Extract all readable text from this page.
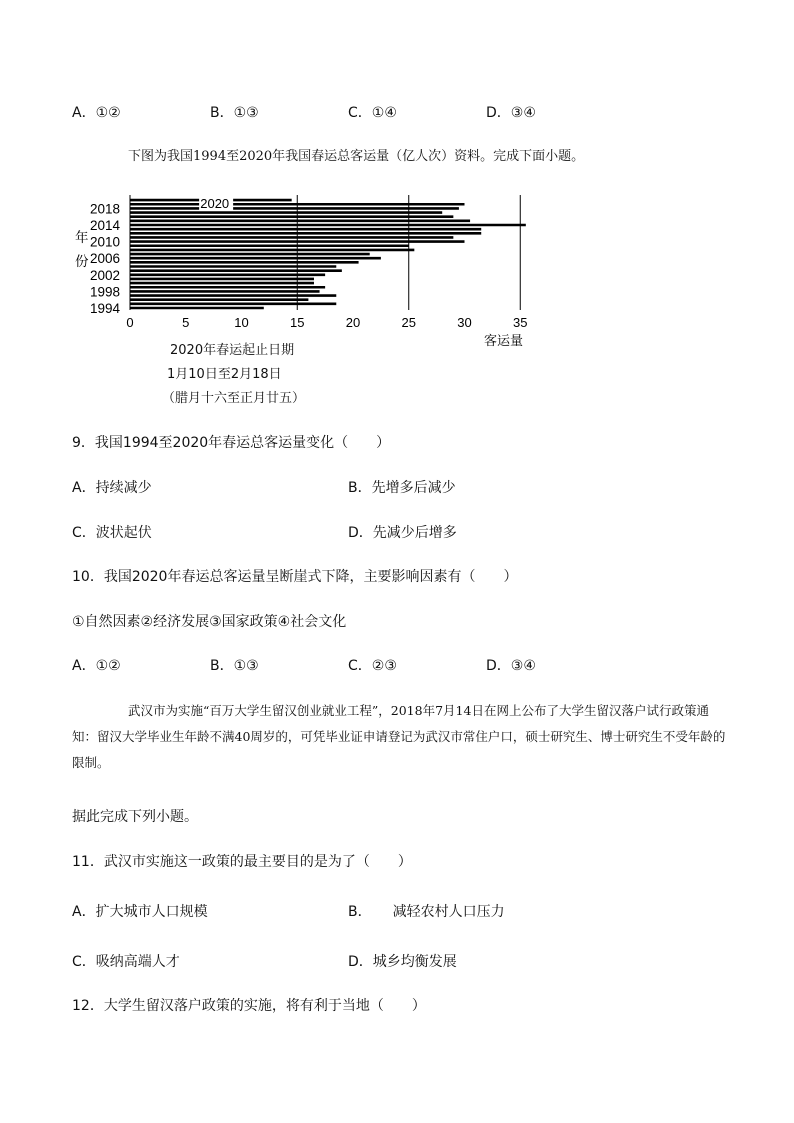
A．①②	B．①③	C．①④	D．③④
下图为我国1994至2020年我国春运总客运量（亿人次）资料。完成下面小题。
2020
1994
1998
2002
2006
2010
2014
2018
年
份
0	5	10	15	20	25	30	35
客运量
2020年春运起止日期
1月10日至2月18日
（腊月十六至正月廿五）
9．我国1994至2020年春运总客运量变化（　　）
A．持续减少	B．先增多后减少
C．波状起伏	D．先减少后增多
10．我国2020年春运总客运量呈断崖式下降，主要影响因素有（　　）
①自然因素②经济发展③国家政策④社会文化
A．①②	B．①③	C．②③	D．③④
武汉市为实施“百万大学生留汉创业就业工程”，2018年7月14日在网上公布了大学生留汉落户试行政策通知：留汉大学毕业生年龄不满40周岁的，可凭毕业证申请登记为武汉市常住户口，硕士研究生、博士研究生不受年龄的限制。
据此完成下列小题。
11．武汉市实施这一政策的最主要目的是为了（　　）
A．扩大城市人口规模	B．　　减轻农村人口压力
C．吸纳高端人才	D．城乡均衡发展
12．大学生留汉落户政策的实施，将有利于当地（　　）
